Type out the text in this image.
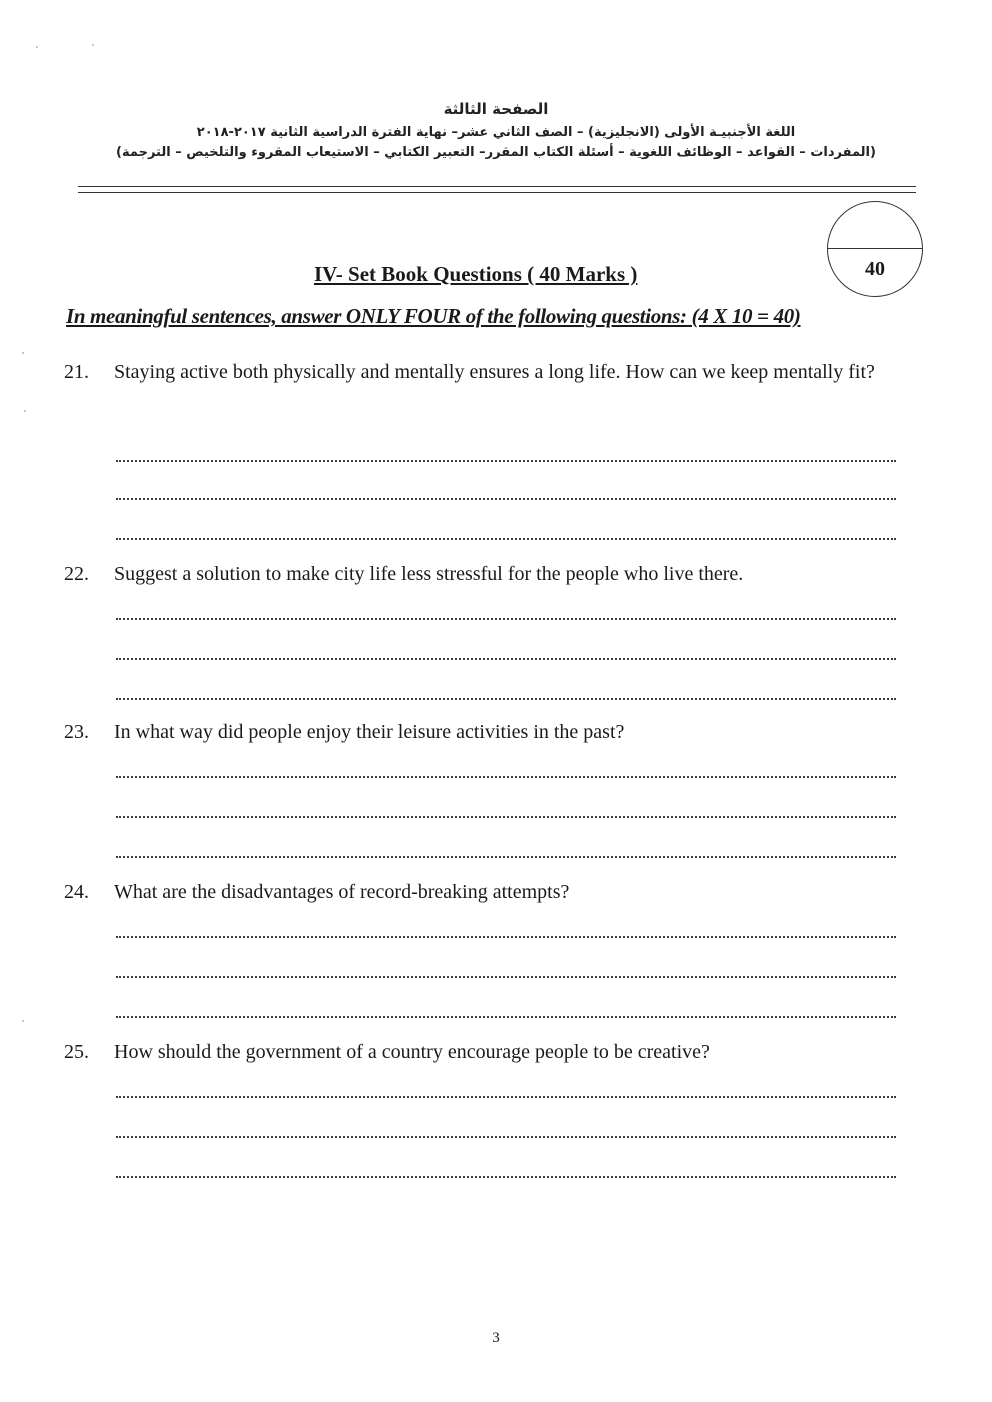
الصفحة الثالثة
اللغة الأجنبيـة الأولى (الانجليزية) – الصف الثاني عشر– نهاية الفترة الدراسية الثانية ٢٠١٧-٢٠١٨
(المفردات – القواعد – الوظائف اللغوية – أسئلة الكتاب المقرر– التعبير الكتابي – الاستيعاب المقروء والتلخيص – الترجمة)
40
IV- Set Book Questions ( 40 Marks )
In meaningful sentences, answer ONLY FOUR of the following questions: (4 X 10 = 40)
21. Staying active both physically and mentally ensures a long life. How can we keep mentally fit?
22. Suggest a solution to make city life less stressful for the people who live there.
23. In what way did people enjoy their leisure activities in the past?
24. What are the disadvantages of record-breaking attempts?
25. How should the government of a country encourage people to be creative?
3
